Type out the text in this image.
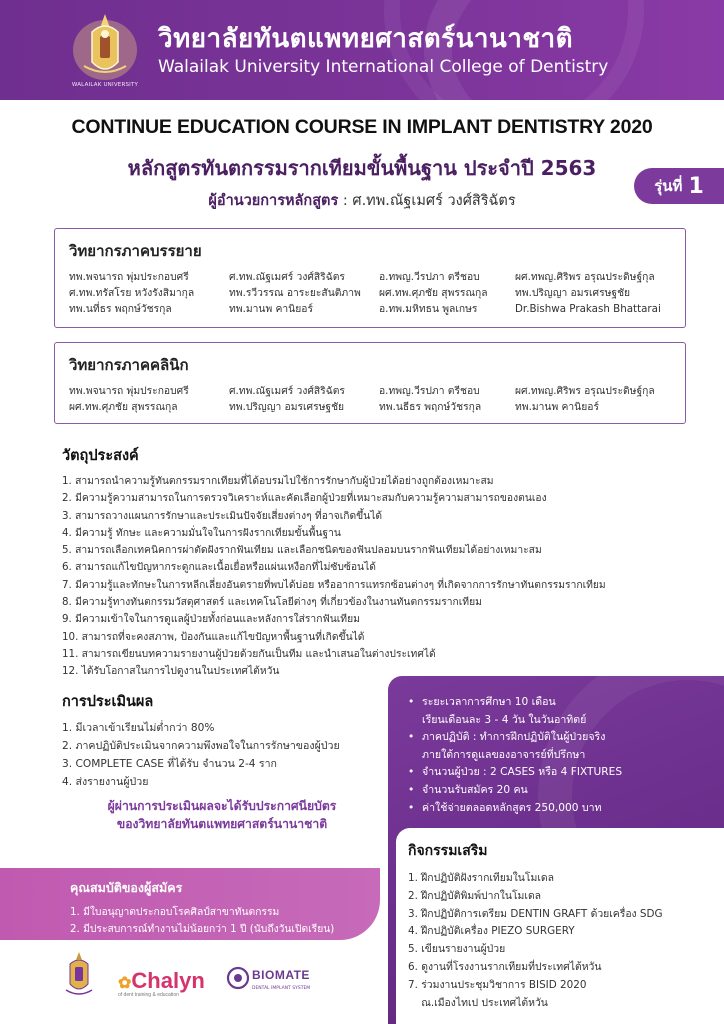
WALAILAK UNIVERSITY
วิทยาลัยทันตแพทยศาสตร์นานาชาติ
Walailak University International College of Dentistry
CONTINUE EDUCATION COURSE IN IMPLANT DENTISTRY 2020
หลักสูตรทันตกรรมรากเทียมขั้นพื้นฐาน ประจำปี 2563
ผู้อำนวยการหลักสูตร : ศ.ทพ.ณัฐเมศร์ วงศ์สิริฉัตร
รุ่นที่ 1
วิทยากรภาคบรรยาย
ทพ.พจนารถ พุ่มประกอบศรี	ศ.ทพ.ณัฐเมศร์ วงศ์สิริฉัตร	อ.ทพญ.วีรปภา ตรีชอบ	ผศ.ทพญ.ศิริพร อรุณประดิษฐ์กุล
ศ.ทพ.ทรัสโรย หวังรังสิมากุล	ทพ.รวีวรรณ อาระยะสันติภาพ	ผศ.ทพ.ศุภชัย สุพรรณกุล	ทพ.ปริญญา อมรเศรษฐชัย
ทพ.นที่ธร พฤกษ์วัชรกุล	ทพ.มานพ คานิยอร์	อ.ทพ.มหิทธน พูลเกษร	Dr.Bishwa Prakash Bhattarai
วิทยากรภาคคลินิก
ทพ.พจนารถ พุ่มประกอบศรี	ศ.ทพ.ณัฐเมศร์ วงศ์สิริฉัตร	อ.ทพญ.วีรปภา ตรีชอบ	ผศ.ทพญ.ศิริพร อรุณประดิษฐ์กุล
ผศ.ทพ.ศุภชัย สุพรรณกุล	ทพ.ปริญญา อมรเศรษฐชัย	ทพ.นธีธร พฤกษ์วัชรกุล	ทพ.มานพ คานิยอร์
วัตถุประสงค์
1. สามารถนำความรู้ทันตกรรมรากเทียมที่ได้อบรมไปใช้การรักษากับผู้ป่วยได้อย่างถูกต้องเหมาะสม
2. มีความรู้ความสามารถในการตรวจวิเคราะห์และคัดเลือกผู้ป่วยที่เหมาะสมกับความรู้ความสามารถของตนเอง
3. สามารถวางแผนการรักษาและประเมินปัจจัยเสี่ยงต่างๆ ที่อาจเกิดขึ้นได้
4. มีความรู้ ทักษะ และความมั่นใจในการฝังรากเทียมขั้นพื้นฐาน
5. สามารถเลือกเทคนิคการผ่าตัดฝังรากฟันเทียม และเลือกชนิดของฟันปลอมบนรากฟันเทียมได้อย่างเหมาะสม
6. สามารถแก้ไขปัญหากระดูกและเนื้อเยื่อหรือแผ่นเหงือกที่ไม่ซับซ้อนได้
7. มีความรู้และทักษะในการหลีกเลี่ยงอันตรายที่พบได้บ่อย หรืออาการแทรกซ้อนต่างๆ ที่เกิดจากการรักษาทันตกรรมรากเทียม
8. มีความรู้ทางทันตกรรมวัสดุศาสตร์ และเทคโนโลยีต่างๆ ที่เกี่ยวข้องในงานทันตกรรมรากเทียม
9. มีความเข้าใจในการดูแลผู้ป่วยทั้งก่อนและหลังการใส่รากฟันเทียม
10. สามารถที่จะคงสภาพ, ป้องกันและแก้ไขปัญหาพื้นฐานที่เกิดขึ้นได้
11. สามารถเขียนบทความรายงานผู้ป่วยด้วยกันเป็นทีม และนำเสนอในต่างประเทศได้
12. ได้รับโอกาสในการไปดูงานในประเทศไต้หวัน
• ระยะเวลาการศึกษา 10 เดือน
เรียนเดือนละ 3 - 4 วัน ในวันอาทิตย์
• ภาคปฏิบัติ : ทำการฝึกปฏิบัติในผู้ป่วยจริง
ภายใต้การดูแลของอาจารย์ที่ปรึกษา
• จำนวนผู้ป่วย : 2 CASES หรือ 4 FIXTURES
• จำนวนรับสมัคร 20 คน
• ค่าใช้จ่ายตลอดหลักสูตร 250,000 บาท
กิจกรรมเสริม
1. ฝึกปฏิบัติฝังรากเทียมในโมเดล
2. ฝึกปฏิบัติพิมพ์ปากในโมเดล
3. ฝึกปฏิบัติการเตรียม DENTIN GRAFT ด้วยเครื่อง SDG
4. ฝึกปฏิบัติเครื่อง PIEZO SURGERY
5. เขียนรายงานผู้ป่วย
6. ดูงานที่โรงงานรากเทียมที่ประเทศไต้หวัน
7. ร่วมงานประชุมวิชาการ BISID 2020
ณ.เมืองไทเป ประเทศไต้หวัน
การประเมินผล
1. มีเวลาเข้าเรียนไม่ต่ำกว่า 80%
2. ภาคปฏิบัติประเมินจากความพึงพอใจในการรักษาของผู้ป่วย
3. COMPLETE CASE ที่ได้รับ จำนวน 2-4 ราก
4. ส่งรายงานผู้ป่วย
ผู้ผ่านการประเมินผลจะได้รับประกาศนียบัตร
ของวิทยาลัยทันตแพทยศาสตร์นานาชาติ
คุณสมบัติของผู้สมัคร
1. มีใบอนุญาตประกอบโรคศิลป์สาขาทันตกรรม
2. มีประสบการณ์ทำงานไม่น้อยกว่า 1 ปี (นับถึงวันเปิดเรียน)
✿Chalyn
of dent training & education
BIOMATE
DENTAL IMPLANT SYSTEM
